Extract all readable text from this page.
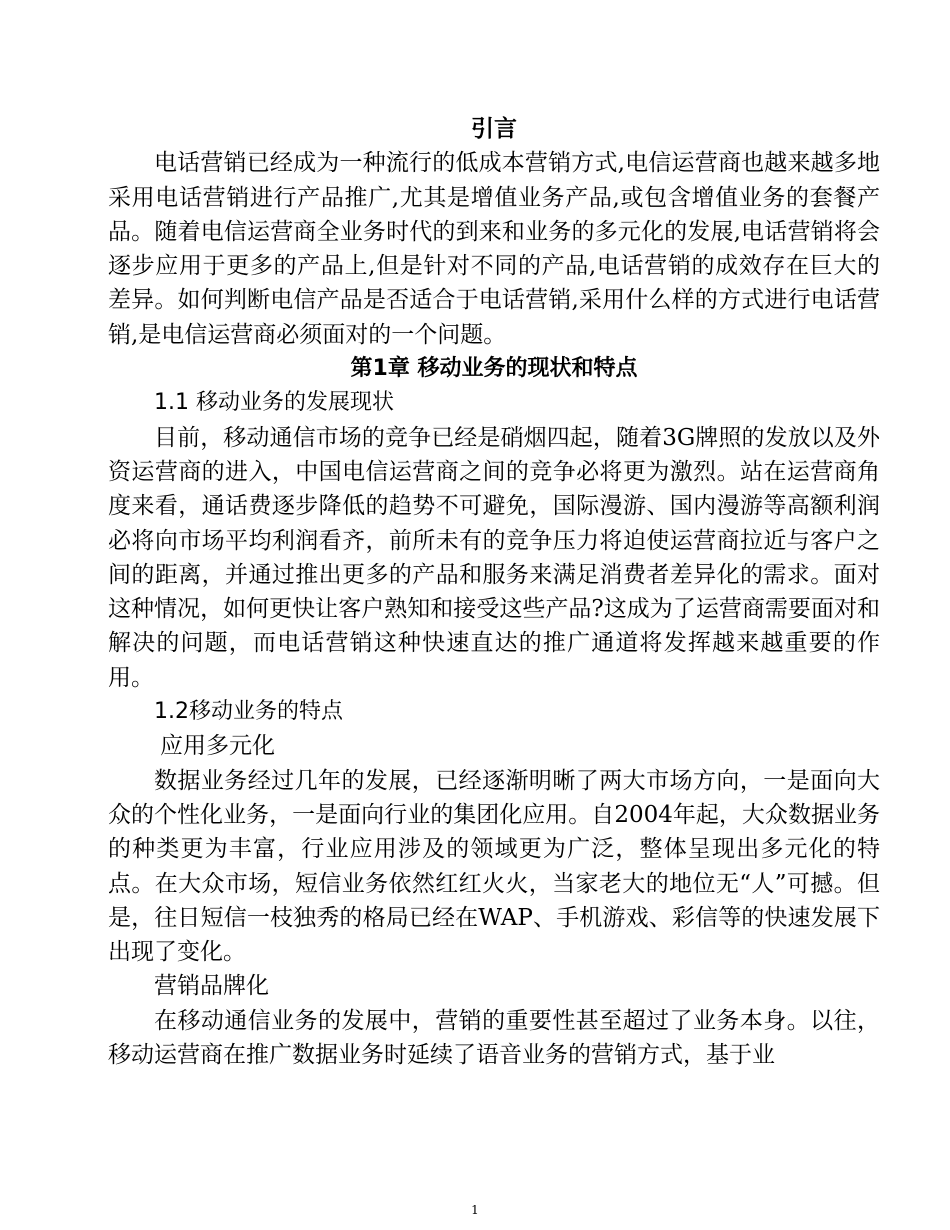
引言

电话营销已经成为一种流行的低成本营销方式,电信运营商也越来越多地采用电话营销进行产品推广,尤其是增值业务产品,或包含增值业务的套餐产品。随着电信运营商全业务时代的到来和业务的多元化的发展,电话营销将会逐步应用于更多的产品上,但是针对不同的产品,电话营销的成效存在巨大的差异。如何判断电信产品是否适合于电话营销,采用什么样的方式进行电话营销,是电信运营商必须面对的一个问题。

第1章 移动业务的现状和特点
1.1 移动业务的发展现状

目前，移动通信市场的竞争已经是硝烟四起，随着3G牌照的发放以及外资运营商的进入，中国电信运营商之间的竞争必将更为激烈。站在运营商角度来看，通话费逐步降低的趋势不可避免，国际漫游、国内漫游等高额利润必将向市场平均利润看齐，前所未有的竞争压力将迫使运营商拉近与客户之间的距离，并通过推出更多的产品和服务来满足消费者差异化的需求。面对这种情况，如何更快让客户熟知和接受这些产品?这成为了运营商需要面对和解决的问题，而电话营销这种快速直达的推广通道将发挥越来越重要的作用。

1.2移动业务的特点
应用多元化

数据业务经过几年的发展，已经逐渐明晰了两大市场方向，一是面向大众的个性化业务，一是面向行业的集团化应用。自2004年起，大众数据业务的种类更为丰富，行业应用涉及的领域更为广泛，整体呈现出多元化的特点。在大众市场，短信业务依然红红火火，当家老大的地位无“人”可撼。但是，往日短信一枝独秀的格局已经在WAP、手机游戏、彩信等的快速发展下出现了变化。

营销品牌化

在移动通信业务的发展中，营销的重要性甚至超过了业务本身。以往，移动运营商在推广数据业务时延续了语音业务的营销方式，基于业

1
